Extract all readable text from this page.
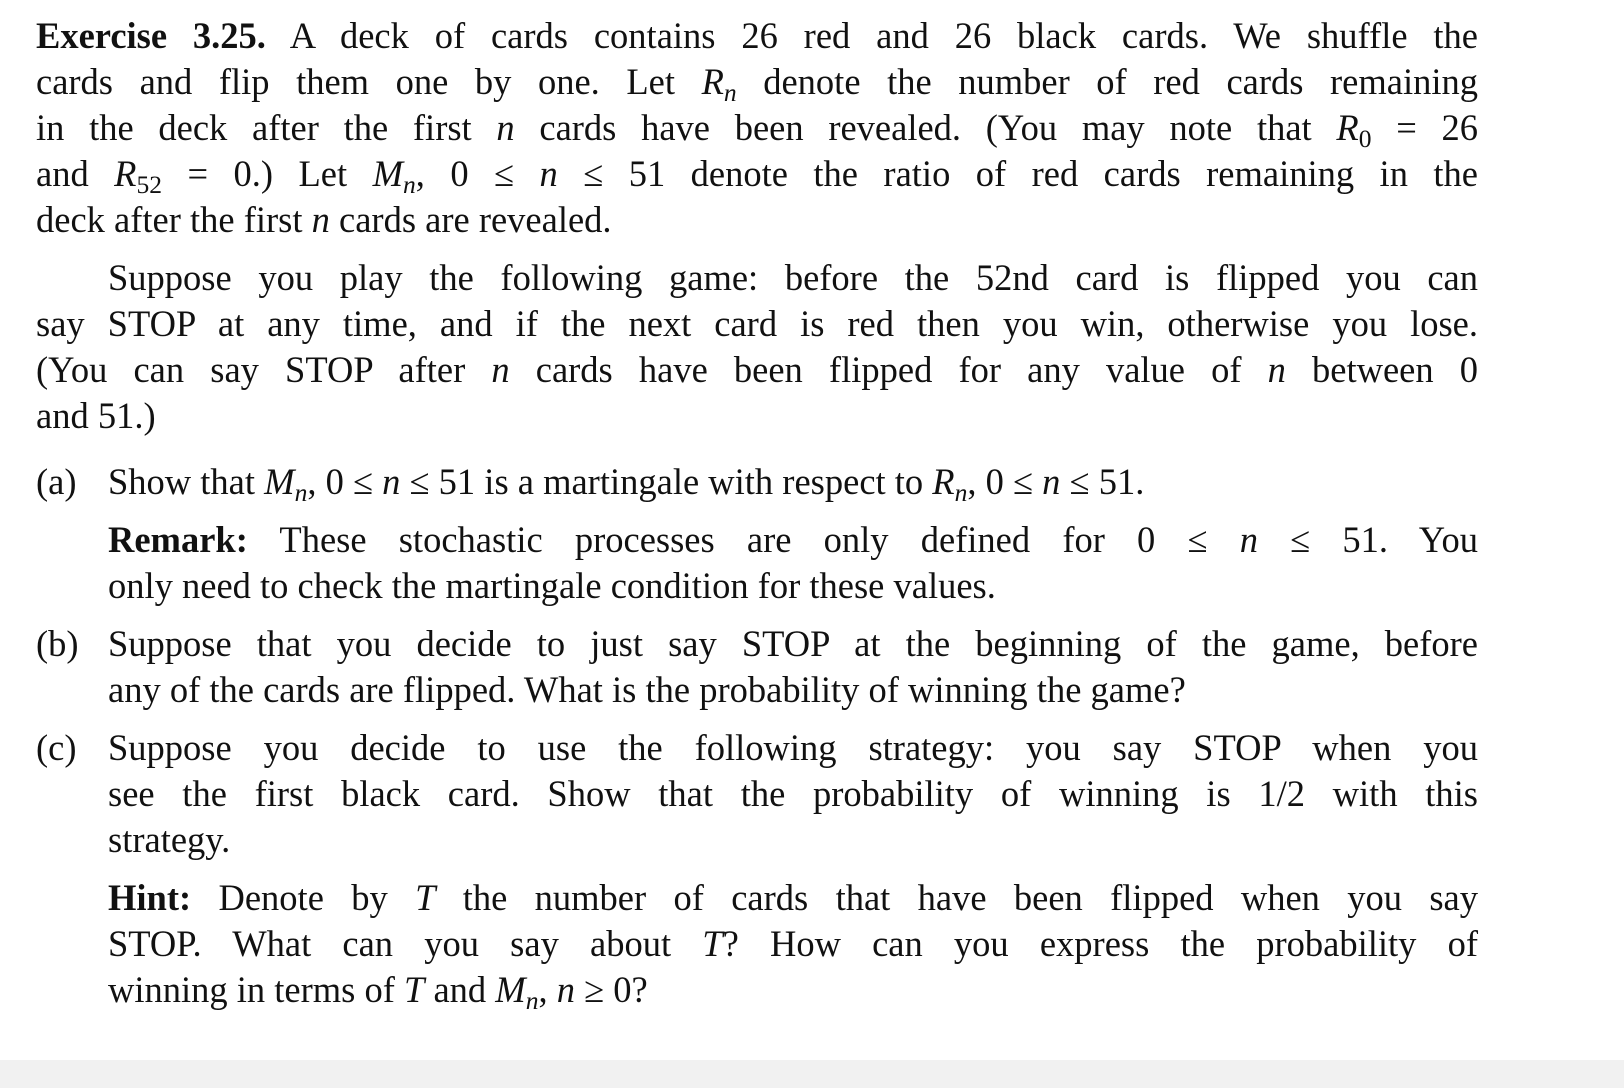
Exercise 3.25. A deck of cards contains 26 red and 26 black cards. We shuffle the
cards and flip them one by one. Let $R_n$ denote the number of red cards remaining
in the deck after the first n cards have been revealed. (You may note that $R_0 = 26$
and $R_{52} = 0$.) Let $M_n$, 0 ≤ n ≤ 51 denote the ratio of red cards remaining in the
deck after the first n cards are revealed.
Suppose you play the following game: before the 52nd card is flipped you can
say STOP at any time, and if the next card is red then you win, otherwise you lose.
(You can say STOP after n cards have been flipped for any value of n between 0
and 51.)
(a) Show that $M_n$, 0 ≤ n ≤ 51 is a martingale with respect to $R_n$, 0 ≤ n ≤ 51.
Remark: These stochastic processes are only defined for 0 ≤ n ≤ 51. You
only need to check the martingale condition for these values.
(b) Suppose that you decide to just say STOP at the beginning of the game, before
any of the cards are flipped. What is the probability of winning the game?
(c) Suppose you decide to use the following strategy: you say STOP when you
see the first black card. Show that the probability of winning is 1/2 with this
strategy.
Hint: Denote by T the number of cards that have been flipped when you say
STOP. What can you say about T? How can you express the probability of
winning in terms of T and $M_n$, n ≥ 0?
